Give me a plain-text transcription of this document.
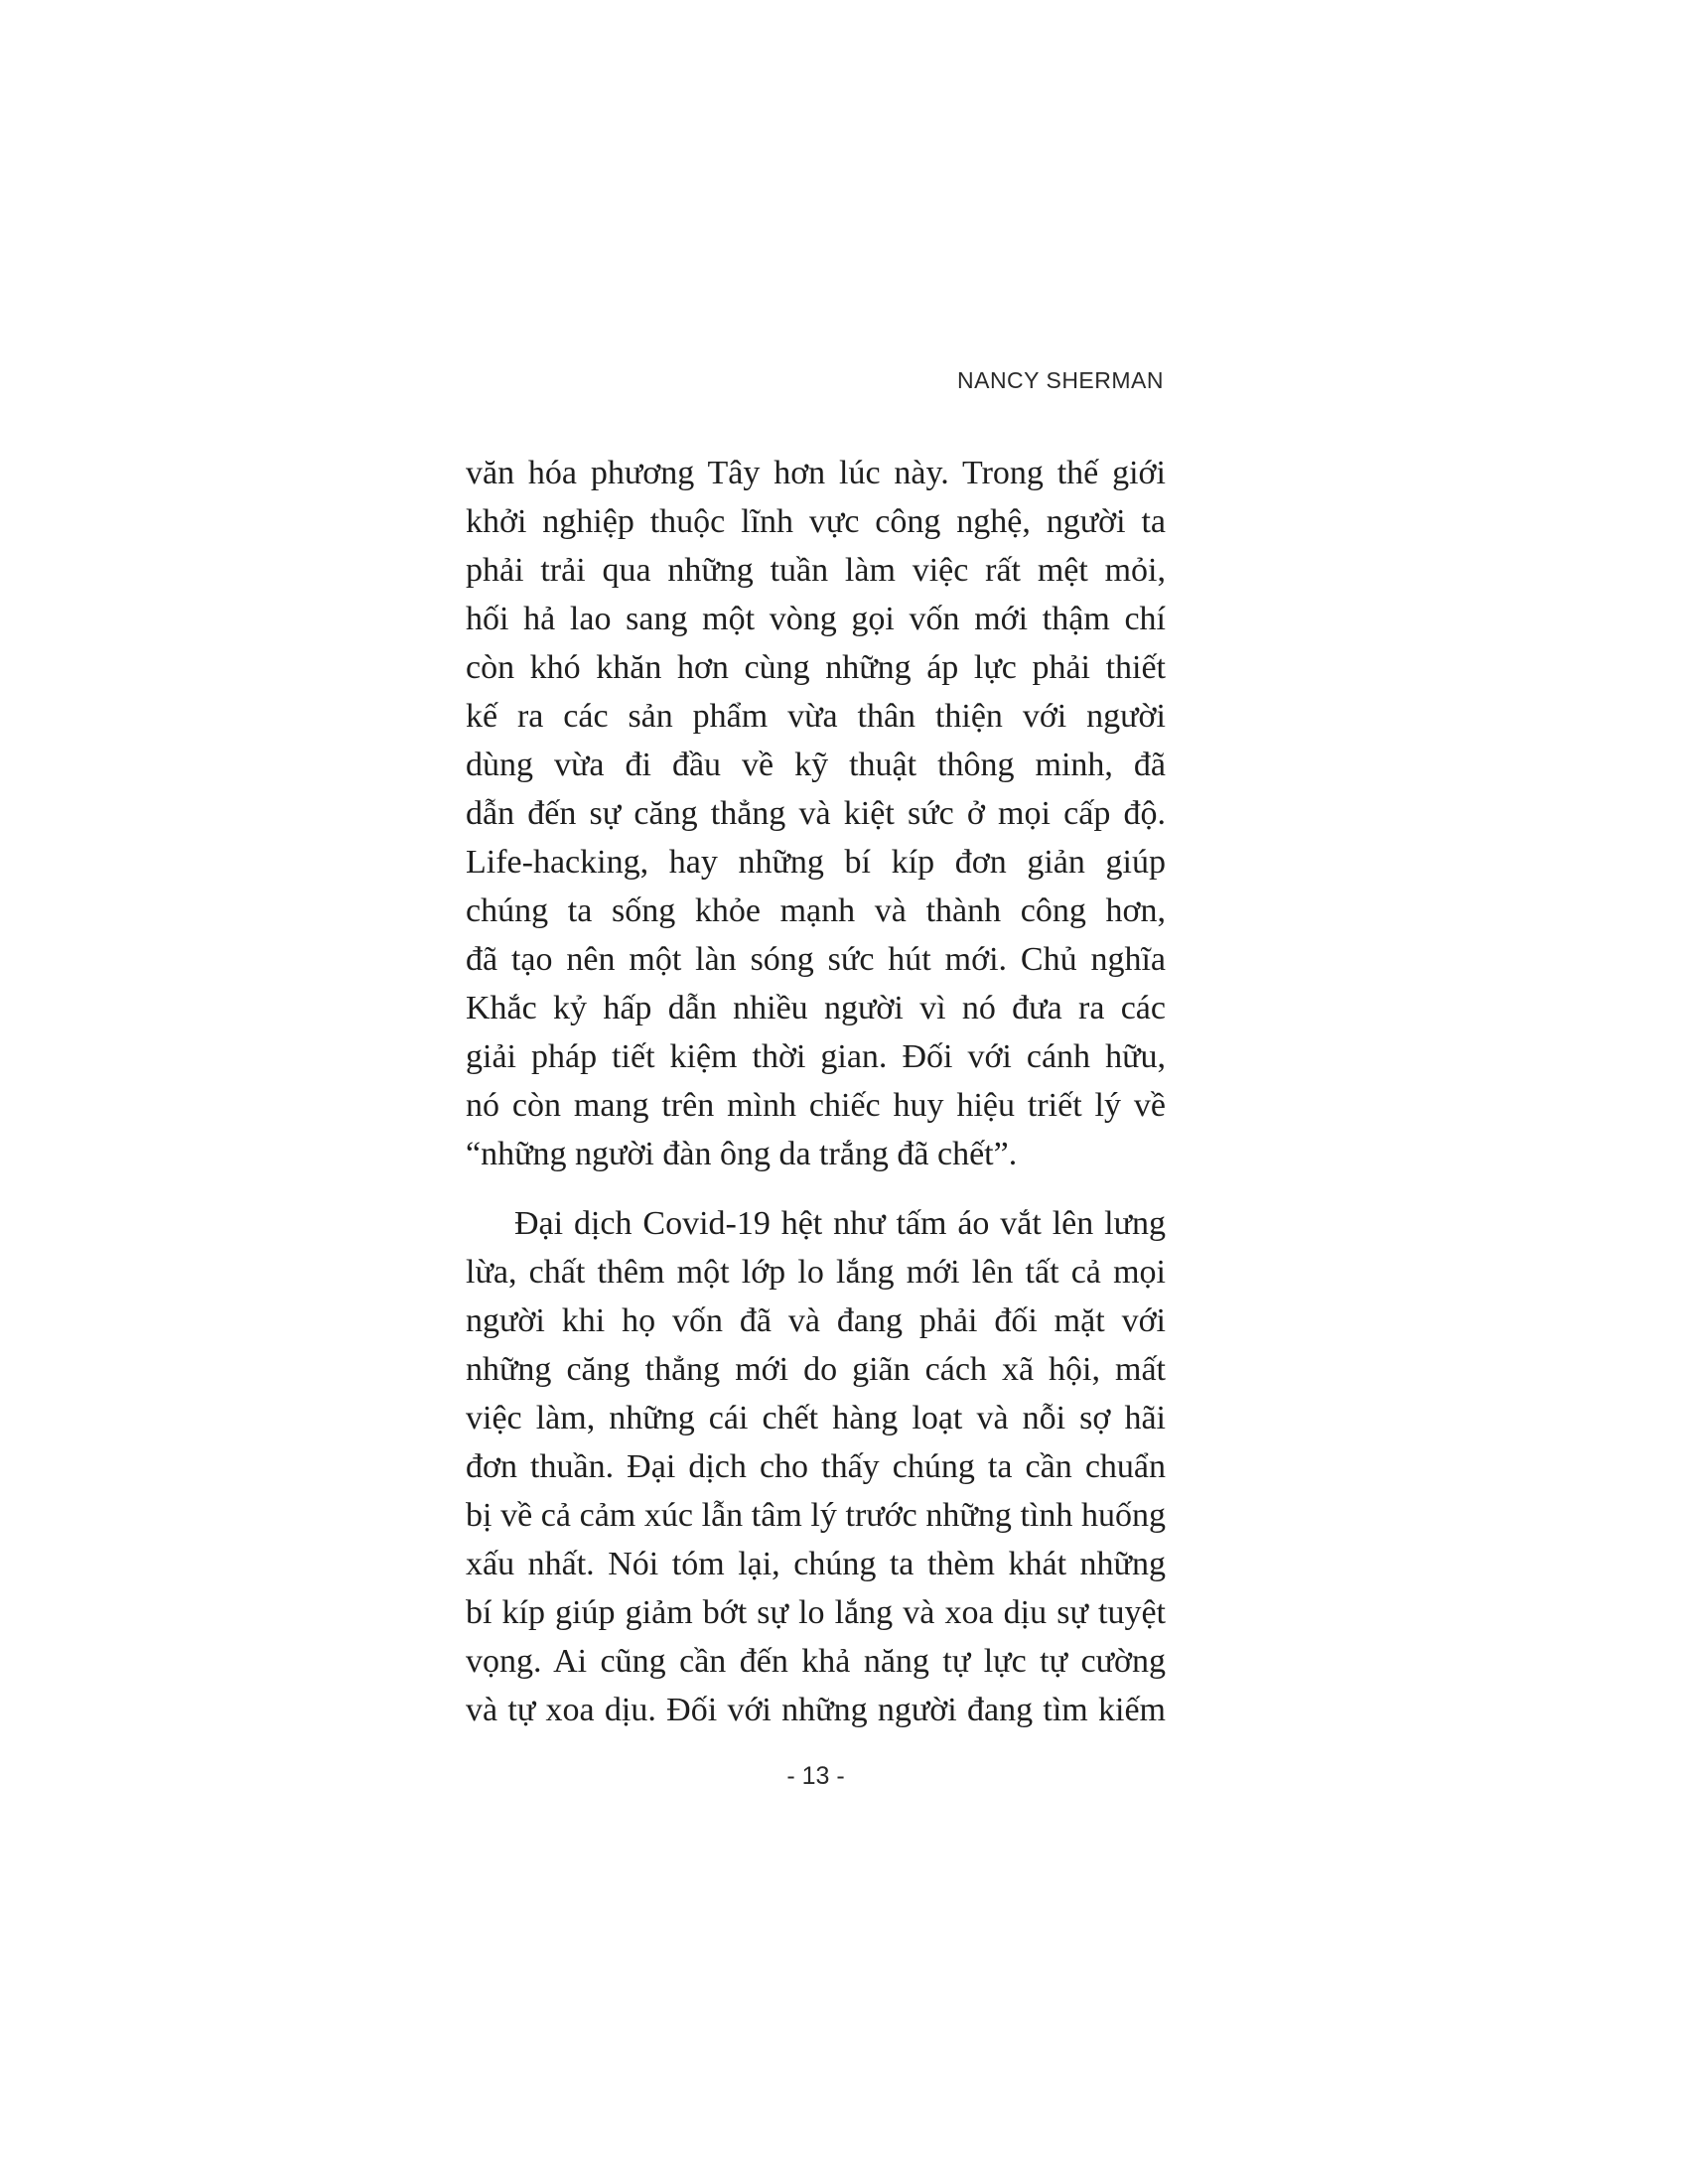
NANCY SHERMAN
văn hóa phương Tây hơn lúc này. Trong thế giới
khởi nghiệp thuộc lĩnh vực công nghệ, người ta
phải trải qua những tuần làm việc rất mệt mỏi,
hối hả lao sang một vòng gọi vốn mới thậm chí
còn khó khăn hơn cùng những áp lực phải thiết
kế ra các sản phẩm vừa thân thiện với người
dùng vừa đi đầu về kỹ thuật thông minh, đã
dẫn đến sự căng thẳng và kiệt sức ở mọi cấp độ.
Life-hacking, hay những bí kíp đơn giản giúp
chúng ta sống khỏe mạnh và thành công hơn,
đã tạo nên một làn sóng sức hút mới. Chủ nghĩa
Khắc kỷ hấp dẫn nhiều người vì nó đưa ra các
giải pháp tiết kiệm thời gian. Đối với cánh hữu,
nó còn mang trên mình chiếc huy hiệu triết lý về
“những người đàn ông da trắng đã chết”.
Đại dịch Covid-19 hệt như tấm áo vắt lên lưng
lừa, chất thêm một lớp lo lắng mới lên tất cả mọi
người khi họ vốn đã và đang phải đối mặt với
những căng thẳng mới do giãn cách xã hội, mất
việc làm, những cái chết hàng loạt và nỗi sợ hãi
đơn thuần. Đại dịch cho thấy chúng ta cần chuẩn
bị về cả cảm xúc lẫn tâm lý trước những tình huống
xấu nhất. Nói tóm lại, chúng ta thèm khát những
bí kíp giúp giảm bớt sự lo lắng và xoa dịu sự tuyệt
vọng. Ai cũng cần đến khả năng tự lực tự cường
và tự xoa dịu. Đối với những người đang tìm kiếm
- 13 -
